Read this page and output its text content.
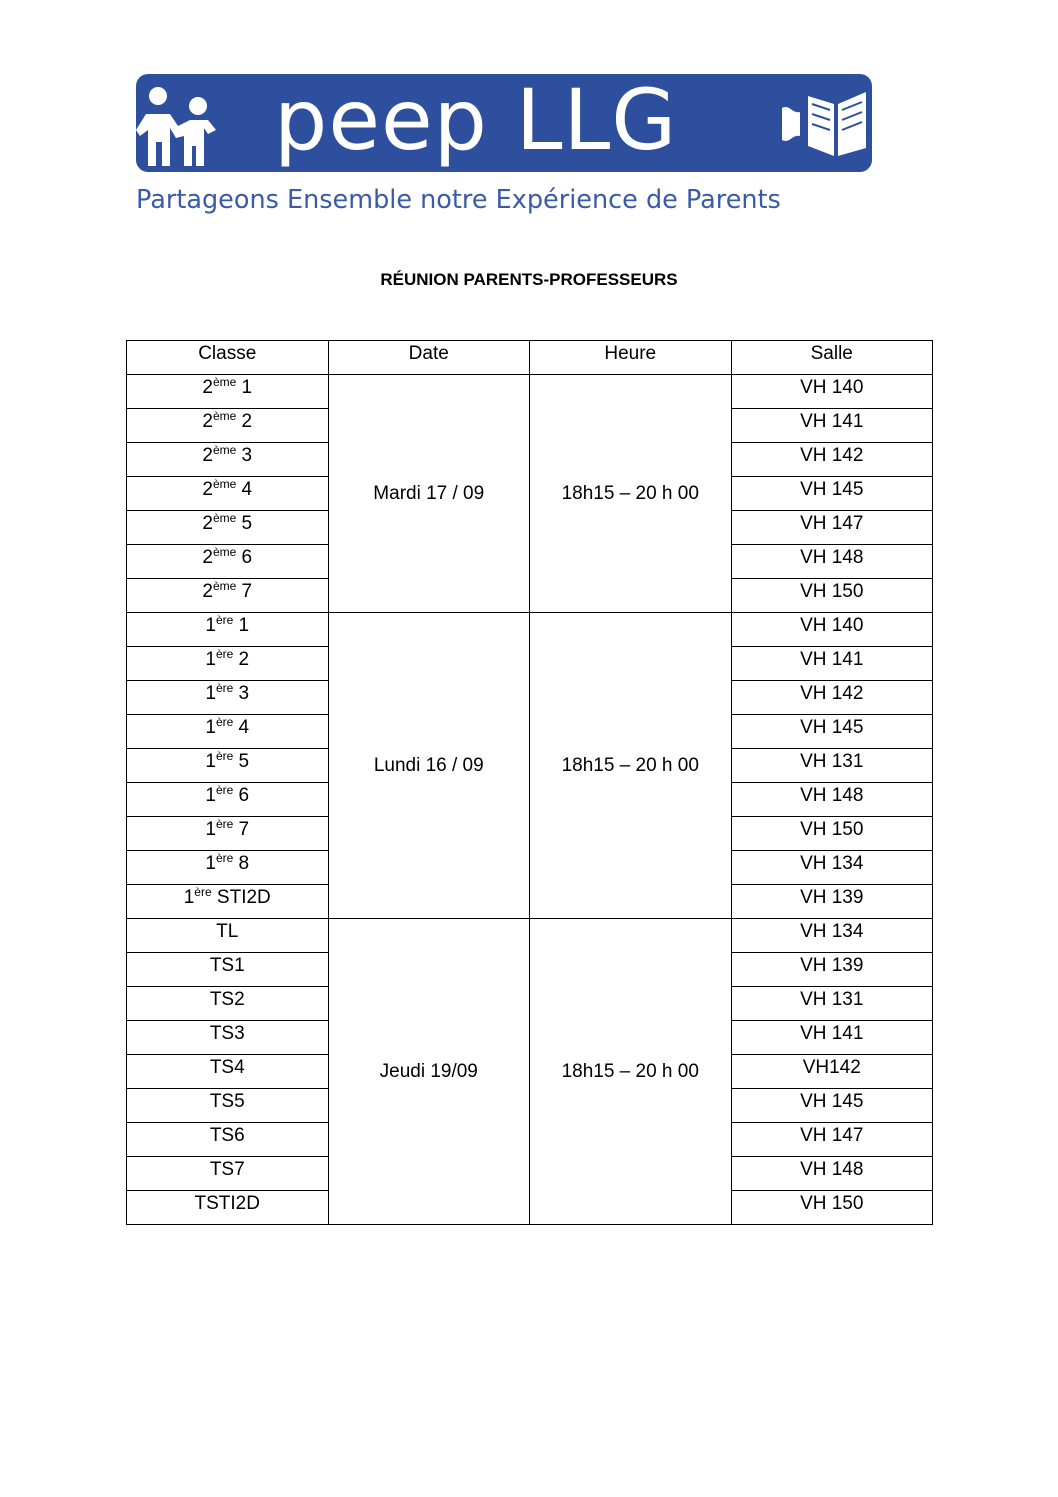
peep LLG
Partageons Ensemble notre Expérience de Parents
RÉUNION PARENTS-PROFESSEURS
Classe	Date	Heure	Salle
2ème 1	Mardi 17 / 09	18h15 – 20 h 00	VH 140
2ème 2			VH 141
2ème 3			VH 142
2ème 4			VH 145
2ème 5			VH 147
2ème 6			VH 148
2ème 7			VH 150
1ère 1	Lundi 16 / 09	18h15 – 20 h 00	VH 140
1ère 2			VH 141
1ère 3			VH 142
1ère 4			VH 145
1ère 5			VH 131
1ère 6			VH 148
1ère 7			VH 150
1ère 8			VH 134
1ère STI2D			VH 139
TL	Jeudi 19/09	18h15 – 20 h 00	VH 134
TS1			VH 139
TS2			VH 131
TS3			VH 141
TS4			VH142
TS5			VH 145
TS6			VH 147
TS7			VH 148
TSTI2D			VH 150
